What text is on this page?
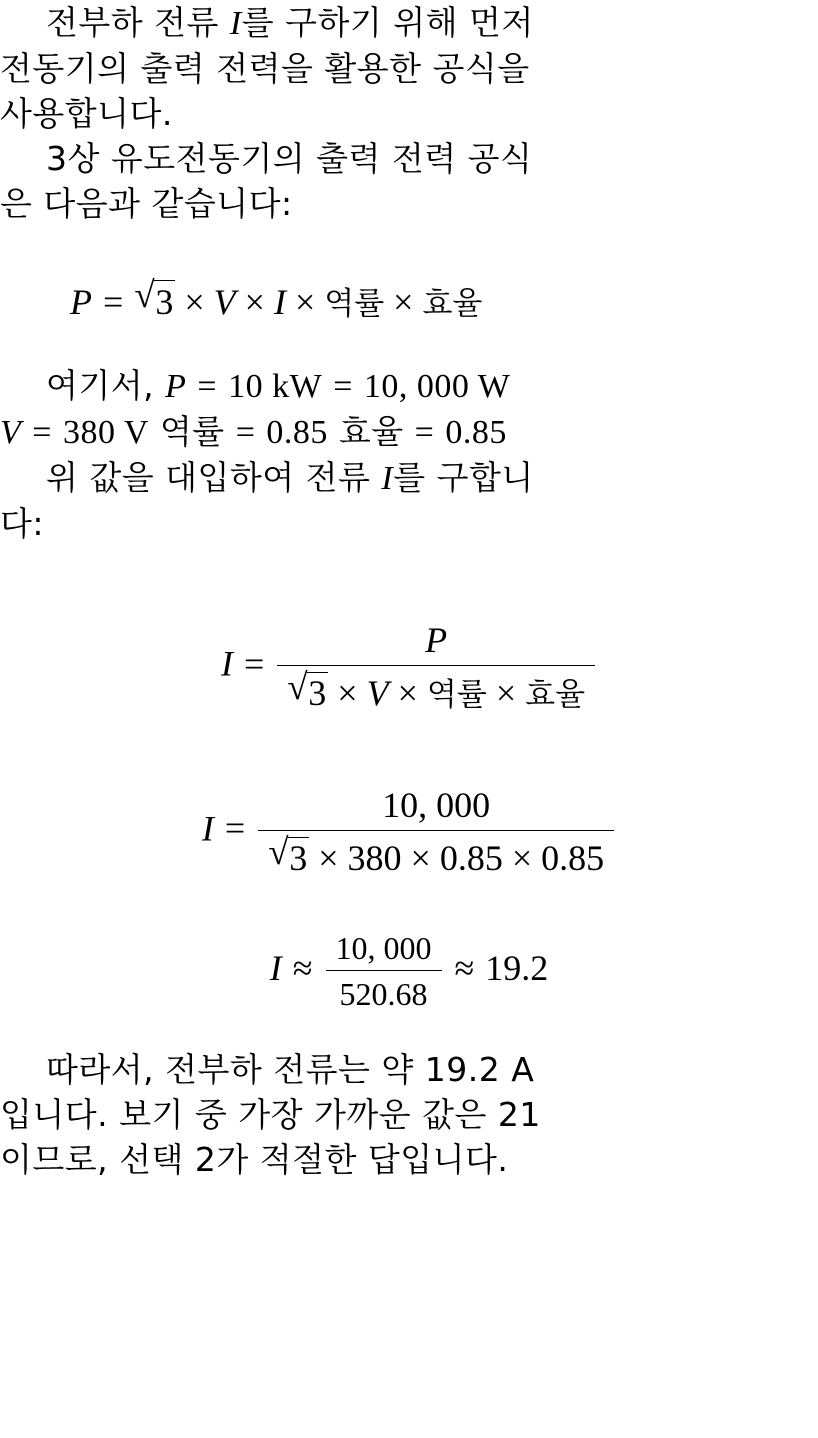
전부하 전류 I를 구하기 위해 먼저
전동기의 출력 전력을 활용한 공식을
사용합니다.
3상 유도전동기의 출력 전력 공식
은 다음과 같습니다:
P = √ 3 × V × I × 역률 × 효율
여기서, P = 10 kW = 10, 000 W
V = 380 V 역률 = 0.85 효율 = 0.85
위 값을 대입하여 전류 I를 구합니
다:
$I = \frac{P}{\text{√ 3 × V × 역률 × 효율}}$
$I = \frac{10, 000}{√ 3 \times 380 \times 0.85 \times 0.85}$
$I \approx \frac{10, 000}{520.68} \approx 19.2$
따라서, 전부하 전류는 약 19.2 A
입니다. 보기 중 가장 가까운 값은 21
이므로, 선택 2가 적절한 답입니다.
